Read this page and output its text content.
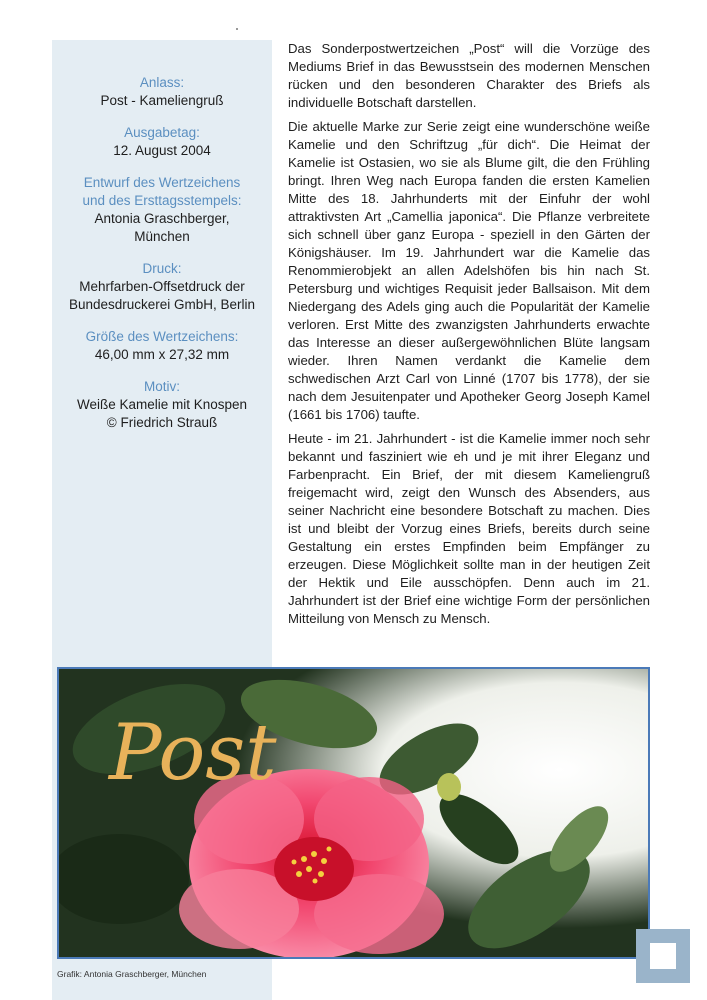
Anlass:
Post - Kameliengruß
Ausgabetag:
12. August 2004
Entwurf des Wertzeichens
und des Ersttagsstempels:
Antonia Graschberger,
München
Druck:
Mehrfarben-Offsetdruck der
Bundesdruckerei GmbH, Berlin
Größe des Wertzeichens:
46,00 mm x 27,32 mm
Motiv:
Weiße Kamelie mit Knospen
© Friedrich Strauß

Das Sonderpostwertzeichen „Post“ will die Vorzüge des Mediums Brief in das Bewusstsein des modernen Menschen rücken und den besonderen Charakter des Briefs als individuelle Botschaft darstellen.

Die aktuelle Marke zur Serie zeigt eine wunderschöne weiße Kamelie und den Schriftzug „für dich“. Die Heimat der Kamelie ist Ostasien, wo sie als Blume gilt, die den Frühling bringt. Ihren Weg nach Europa fanden die ersten Kamelien Mitte des 18. Jahrhunderts mit der Einfuhr der wohl attraktivsten Art „Camellia japonica“. Die Pflanze verbreitete sich schnell über ganz Europa - speziell in den Gärten der Königshäuser. Im 19. Jahrhundert war die Kamelie das Renommierobjekt an allen Adelshöfen bis hin nach St. Petersburg und wichtiges Requisit jeder Ballsaison. Mit dem Niedergang des Adels ging auch die Popularität der Kamelie verloren. Erst Mitte des zwanzigsten Jahrhunderts erwachte das Interesse an dieser außergewöhnlichen Blüte langsam wieder. Ihren Namen verdankt die Kamelie dem schwedischen Arzt Carl von Linné (1707 bis 1778), der sie nach dem Jesuitenpater und Apotheker Georg Joseph Kamel (1661 bis 1706) taufte.

Heute - im 21. Jahrhundert - ist die Kamelie immer noch sehr bekannt und fasziniert wie eh und je mit ihrer Eleganz und Farbenpracht. Ein Brief, der mit diesem Kameliengruß freigemacht wird, zeigt den Wunsch des Absenders, aus seiner Nachricht eine besondere Botschaft zu machen. Dies ist und bleibt der Vorzug eines Briefs, bereits durch seine Gestaltung ein erstes Empfinden beim Empfänger zu erzeugen. Diese Möglichkeit sollte man in der heutigen Zeit der Hektik und Eile ausschöpfen. Denn auch im 21. Jahrhundert ist der Brief eine wichtige Form der persönlichen Mitteilung von Mensch zu Mensch.

Post
Grafik: Antonia Graschberger, München
